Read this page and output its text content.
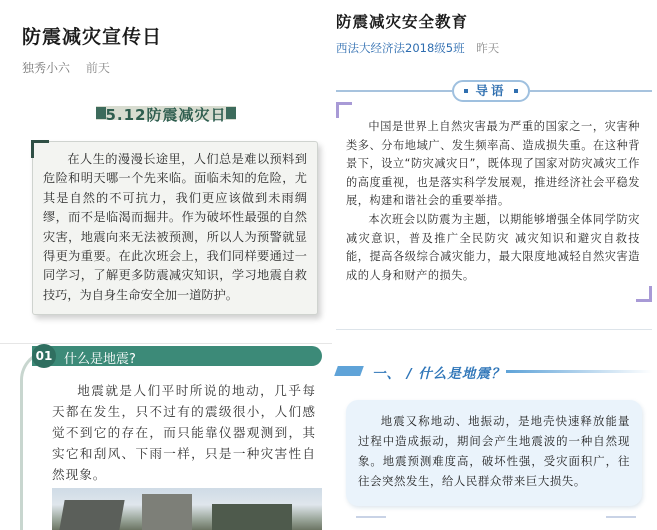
防震减灾宣传日
独秀小六 前天
5.12防震减灾日

在人生的漫漫长途里，人们总是难以预料到危险和明天哪一个先来临。面临未知的危险，尤其是自然的不可抗力，我们更应该做到未雨绸缪，而不是临渴而掘井。作为破坏性最强的自然灾害，地震向来无法被预测，所以人为预警就显得更为重要。在此次班会上，我们同样要通过一同学习，了解更多防震减灾知识，学习地震自救技巧，为自身生命安全加一道防护。

01 什么是地震?

地震就是人们平时所说的地动，几乎每天都在发生，只不过有的震级很小，人们感觉不到它的存在，而只能靠仪器观测到，其实它和刮风、下雨一样，只是一种灾害性自然现象。

防震减灾安全教育
西法大经济法2018级5班 昨天
导语

中国是世界上自然灾害最为严重的国家之一，灾害种类多、分布地域广、发生频率高、造成损失重。在这种背景下，设立“防灾减灾日”，既体现了国家对防灾减灾工作的高度重视，也是落实科学发展观，推进经济社会平稳发展，构建和谐社会的重要举措。

本次班会以防震为主题，以期能够增强全体同学防灾减灾意识，普及推广全民防灾 减灾知识和避灾自救技能，提高各级综合减灾能力，最大限度地减轻自然灾害造成的人身和财产的损失。

一、 / 什么是地震？

地震又称地动、地振动，是地壳快速释放能量过程中造成振动，期间会产生地震波的一种自然现象。地震预测难度高，破坏性强，受灾面积广，往往会突然发生，给人民群众带来巨大损失。
